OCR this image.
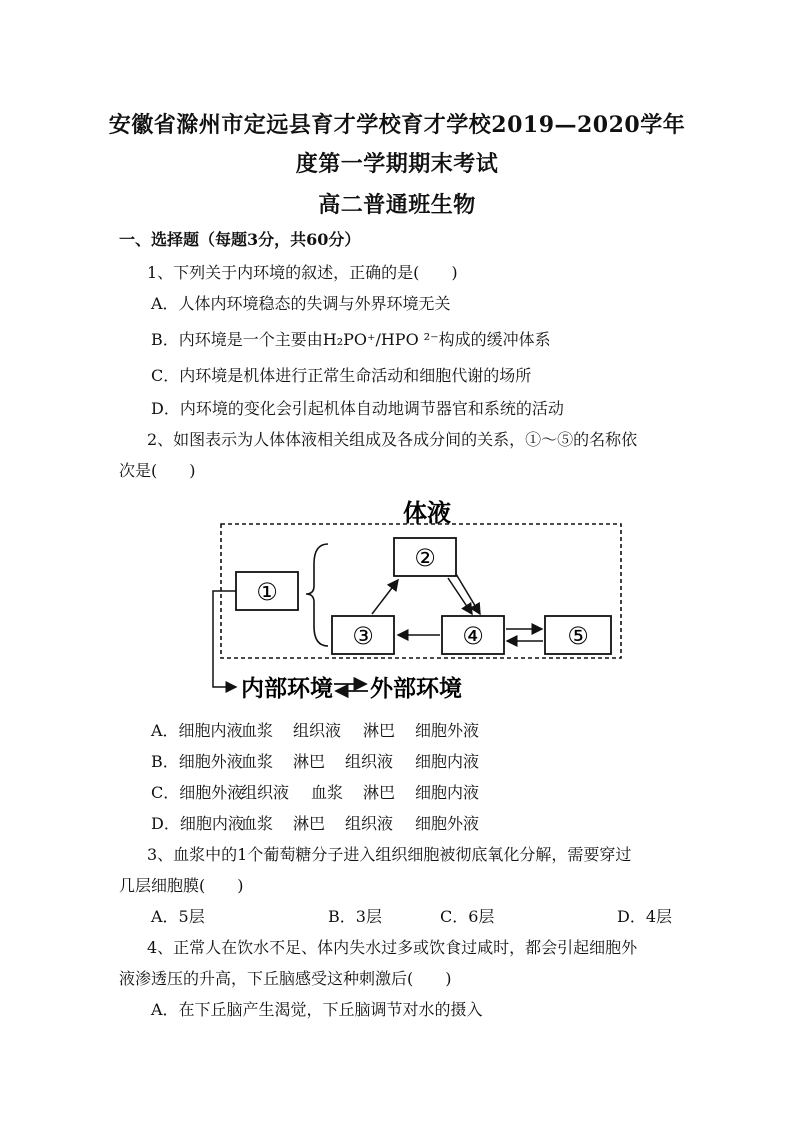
安徽省滁州市定远县育才学校育才学校2019—2020学年
度第一学期期末考试
高二普通班生物
一、选择题（每题3分，共60分）
1、下列关于内环境的叙述，正确的是(　　)
A．人体内环境稳态的失调与外界环境无关
B．内环境是一个主要由H₂PO⁺/HPO ²⁻构成的缓冲体系
C．内环境是机体进行正常生命活动和细胞代谢的场所
D．内环境的变化会引起机体自动地调节器官和系统的活动
2、如图表示为人体体液相关组成及各成分间的关系，①～⑤的名称依
次是(　　)
体液
①
②
③	④	⑤
内部环境 外部环境
A．细胞内液血浆 组织液 淋巴 细胞外液
B．细胞外液血浆 淋巴 组织液 细胞内液
C．细胞外液组织液 血浆 淋巴 细胞内液
D．细胞内液血浆 淋巴 组织液 细胞外液
3、血浆中的1个葡萄糖分子进入组织细胞被彻底氧化分解，需要穿过
几层细胞膜(　　)
A．5层	B．3层	C．6层	D．4层
4、正常人在饮水不足、体内失水过多或饮食过咸时，都会引起细胞外
液渗透压的升高，下丘脑感受这种刺激后(　　)
A．在下丘脑产生渴觉，下丘脑调节对水的摄入
